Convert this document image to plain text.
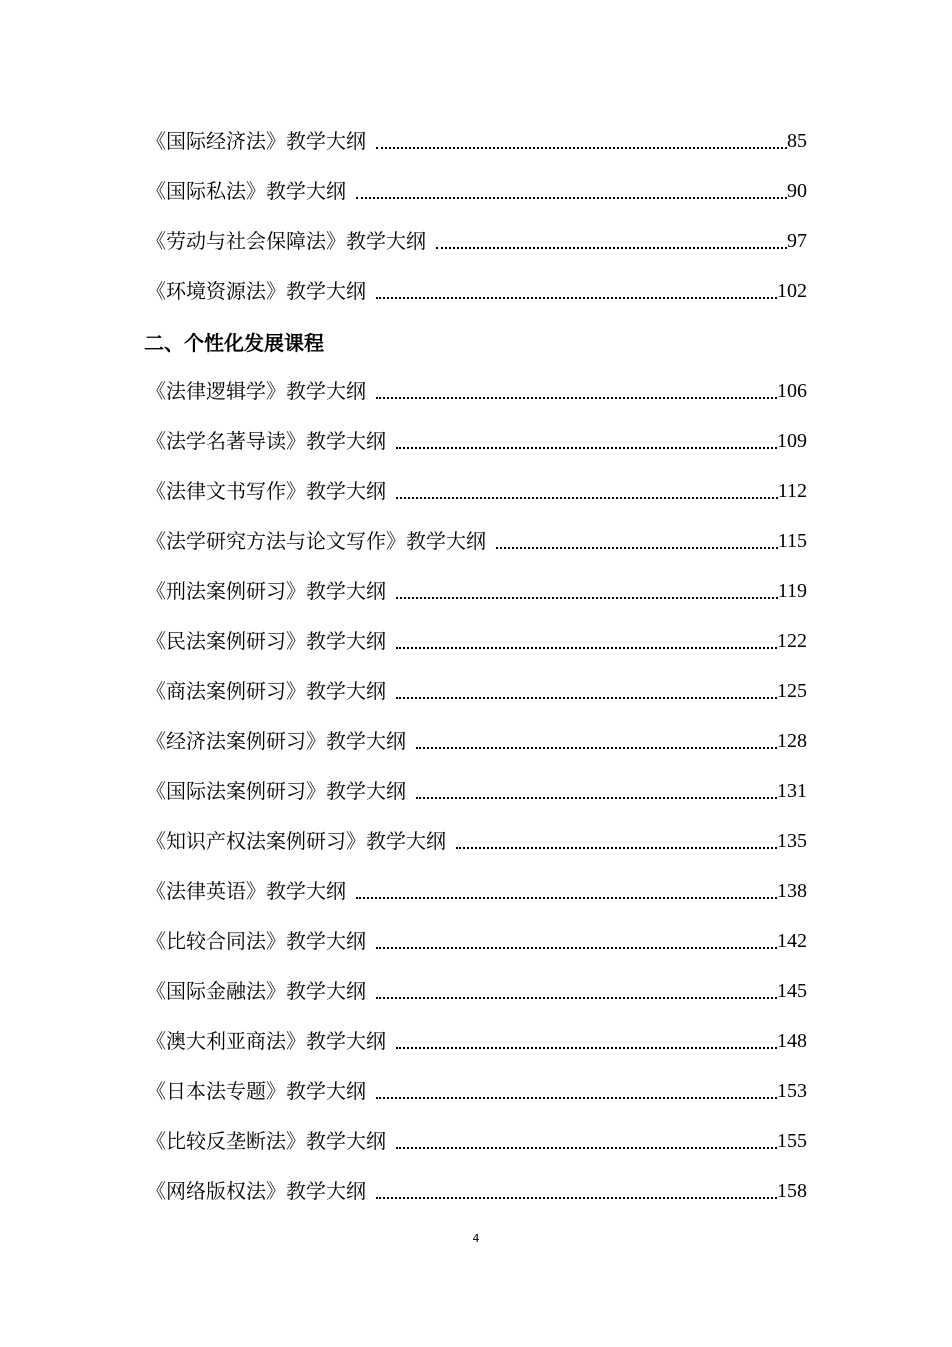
《国际经济法》教学大纲	85
《国际私法》教学大纲	90
《劳动与社会保障法》教学大纲	97
《环境资源法》教学大纲	102
二、个性化发展课程
《法律逻辑学》教学大纲	106
《法学名著导读》教学大纲	109
《法律文书写作》教学大纲	112
《法学研究方法与论文写作》教学大纲	115
《刑法案例研习》教学大纲	119
《民法案例研习》教学大纲	122
《商法案例研习》教学大纲	125
《经济法案例研习》教学大纲	128
《国际法案例研习》教学大纲	131
《知识产权法案例研习》教学大纲	135
《法律英语》教学大纲	138
《比较合同法》教学大纲	142
《国际金融法》教学大纲	145
《澳大利亚商法》教学大纲	148
《日本法专题》教学大纲	153
《比较反垄断法》教学大纲	155
《网络版权法》教学大纲	158
4
